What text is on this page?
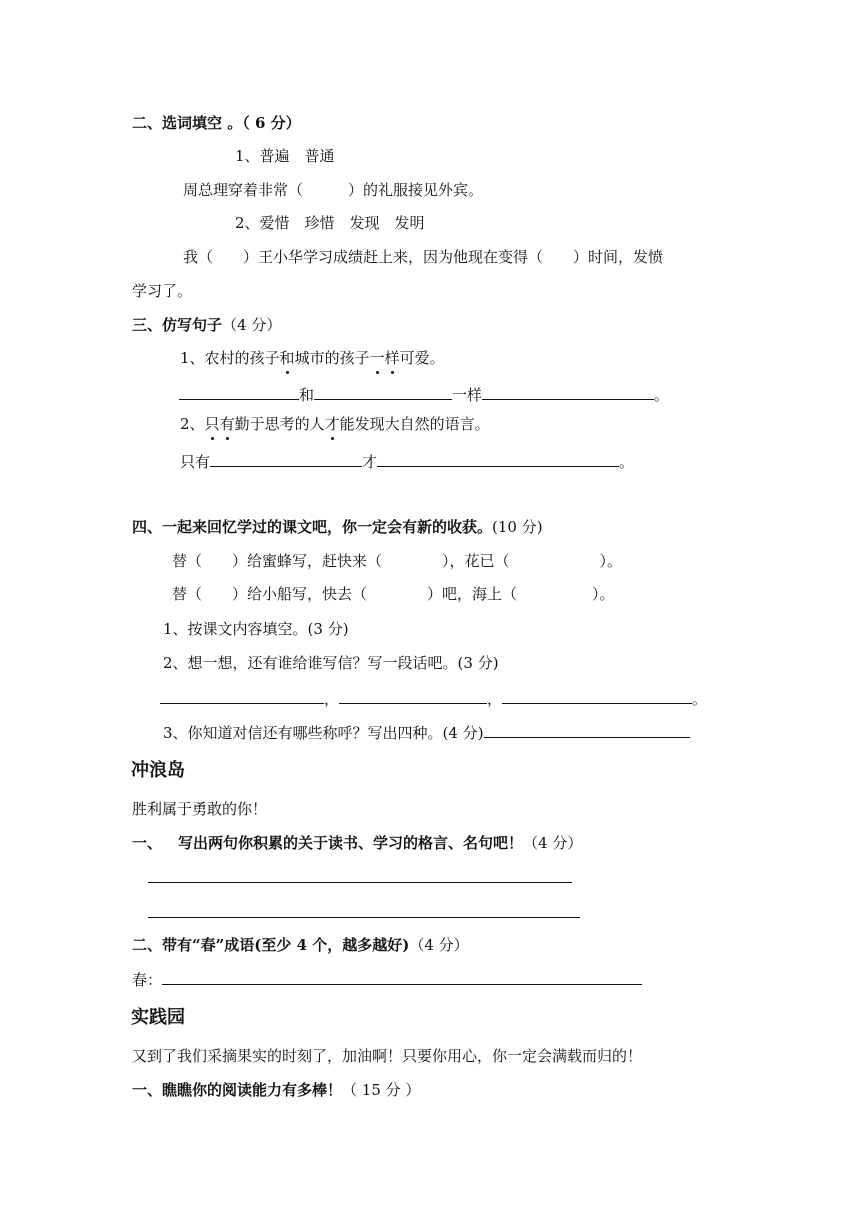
二、选词填空 。（ 6 分）
1、普遍　普通
周总理穿着非常（　　　）的礼服接见外宾。
2、爱惜　珍惜　发现　发明
我（　　）王小华学习成绩赶上来，因为他现在变得（　　）时间，发愤
学习了。
三、仿写句子（4 分）
1、农村的孩子和城市的孩子一样可爱。
和	一样	。
2、只有勤于思考的人才能发现大自然的语言。
只有	才	。
四、一起来回忆学过的课文吧，你一定会有新的收获。(10 分)
替（　　）给蜜蜂写，赶快来（　　　　），花已（　　　　　　）。
替（　　）给小船写，快去（　　　　）吧，海上（　　　　　）。
1、按课文内容填空。(3 分)
2、想一想，还有谁给谁写信？写一段话吧。(3 分)
，	，	。
3、你知道对信还有哪些称呼？写出四种。(4 分)
冲浪岛
胜利属于勇敢的你！
一、 写出两句你积累的关于读书、学习的格言、名句吧！（4 分）
二、带有“春”成语(至少 4 个，越多越好)（4 分）
春：
实践园
又到了我们采摘果实的时刻了，加油啊！只要你用心，你一定会满载而归的！
一、瞧瞧你的阅读能力有多棒！（ 15 分 ）
